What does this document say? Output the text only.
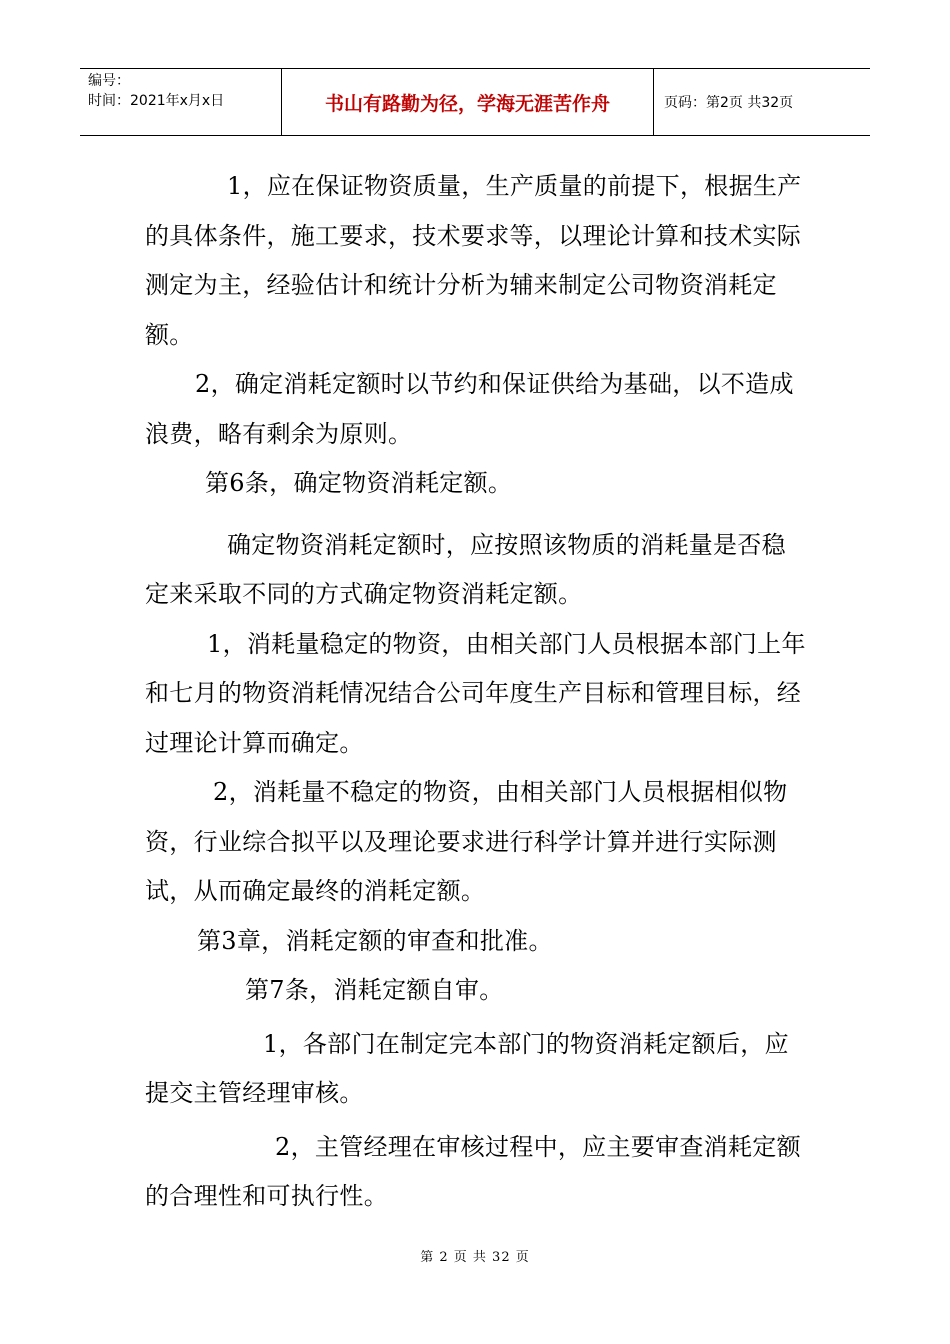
编号：
时间：2021年x月x日	书山有路勤为径，学海无涯苦作舟	页码：第2页 共32页

1，应在保证物资质量，生产质量的前提下，根据生产的具体条件，施工要求，技术要求等，以理论计算和技术实际测定为主，经验估计和统计分析为辅来制定公司物资消耗定额。

2，确定消耗定额时以节约和保证供给为基础，以不造成浪费，略有剩余为原则。

第6条，确定物资消耗定额。

确定物资消耗定额时，应按照该物质的消耗量是否稳定来采取不同的方式确定物资消耗定额。

1，消耗量稳定的物资，由相关部门人员根据本部门上年和七月的物资消耗情况结合公司年度生产目标和管理目标，经过理论计算而确定。

2，消耗量不稳定的物资，由相关部门人员根据相似物资，行业综合拟平以及理论要求进行科学计算并进行实际测试，从而确定最终的消耗定额。

第3章，消耗定额的审查和批准。

第7条，消耗定额自审。

1，各部门在制定完本部门的物资消耗定额后，应提交主管经理审核。

2，主管经理在审核过程中，应主要审查消耗定额的合理性和可执行性。

第 2 页 共 32 页
